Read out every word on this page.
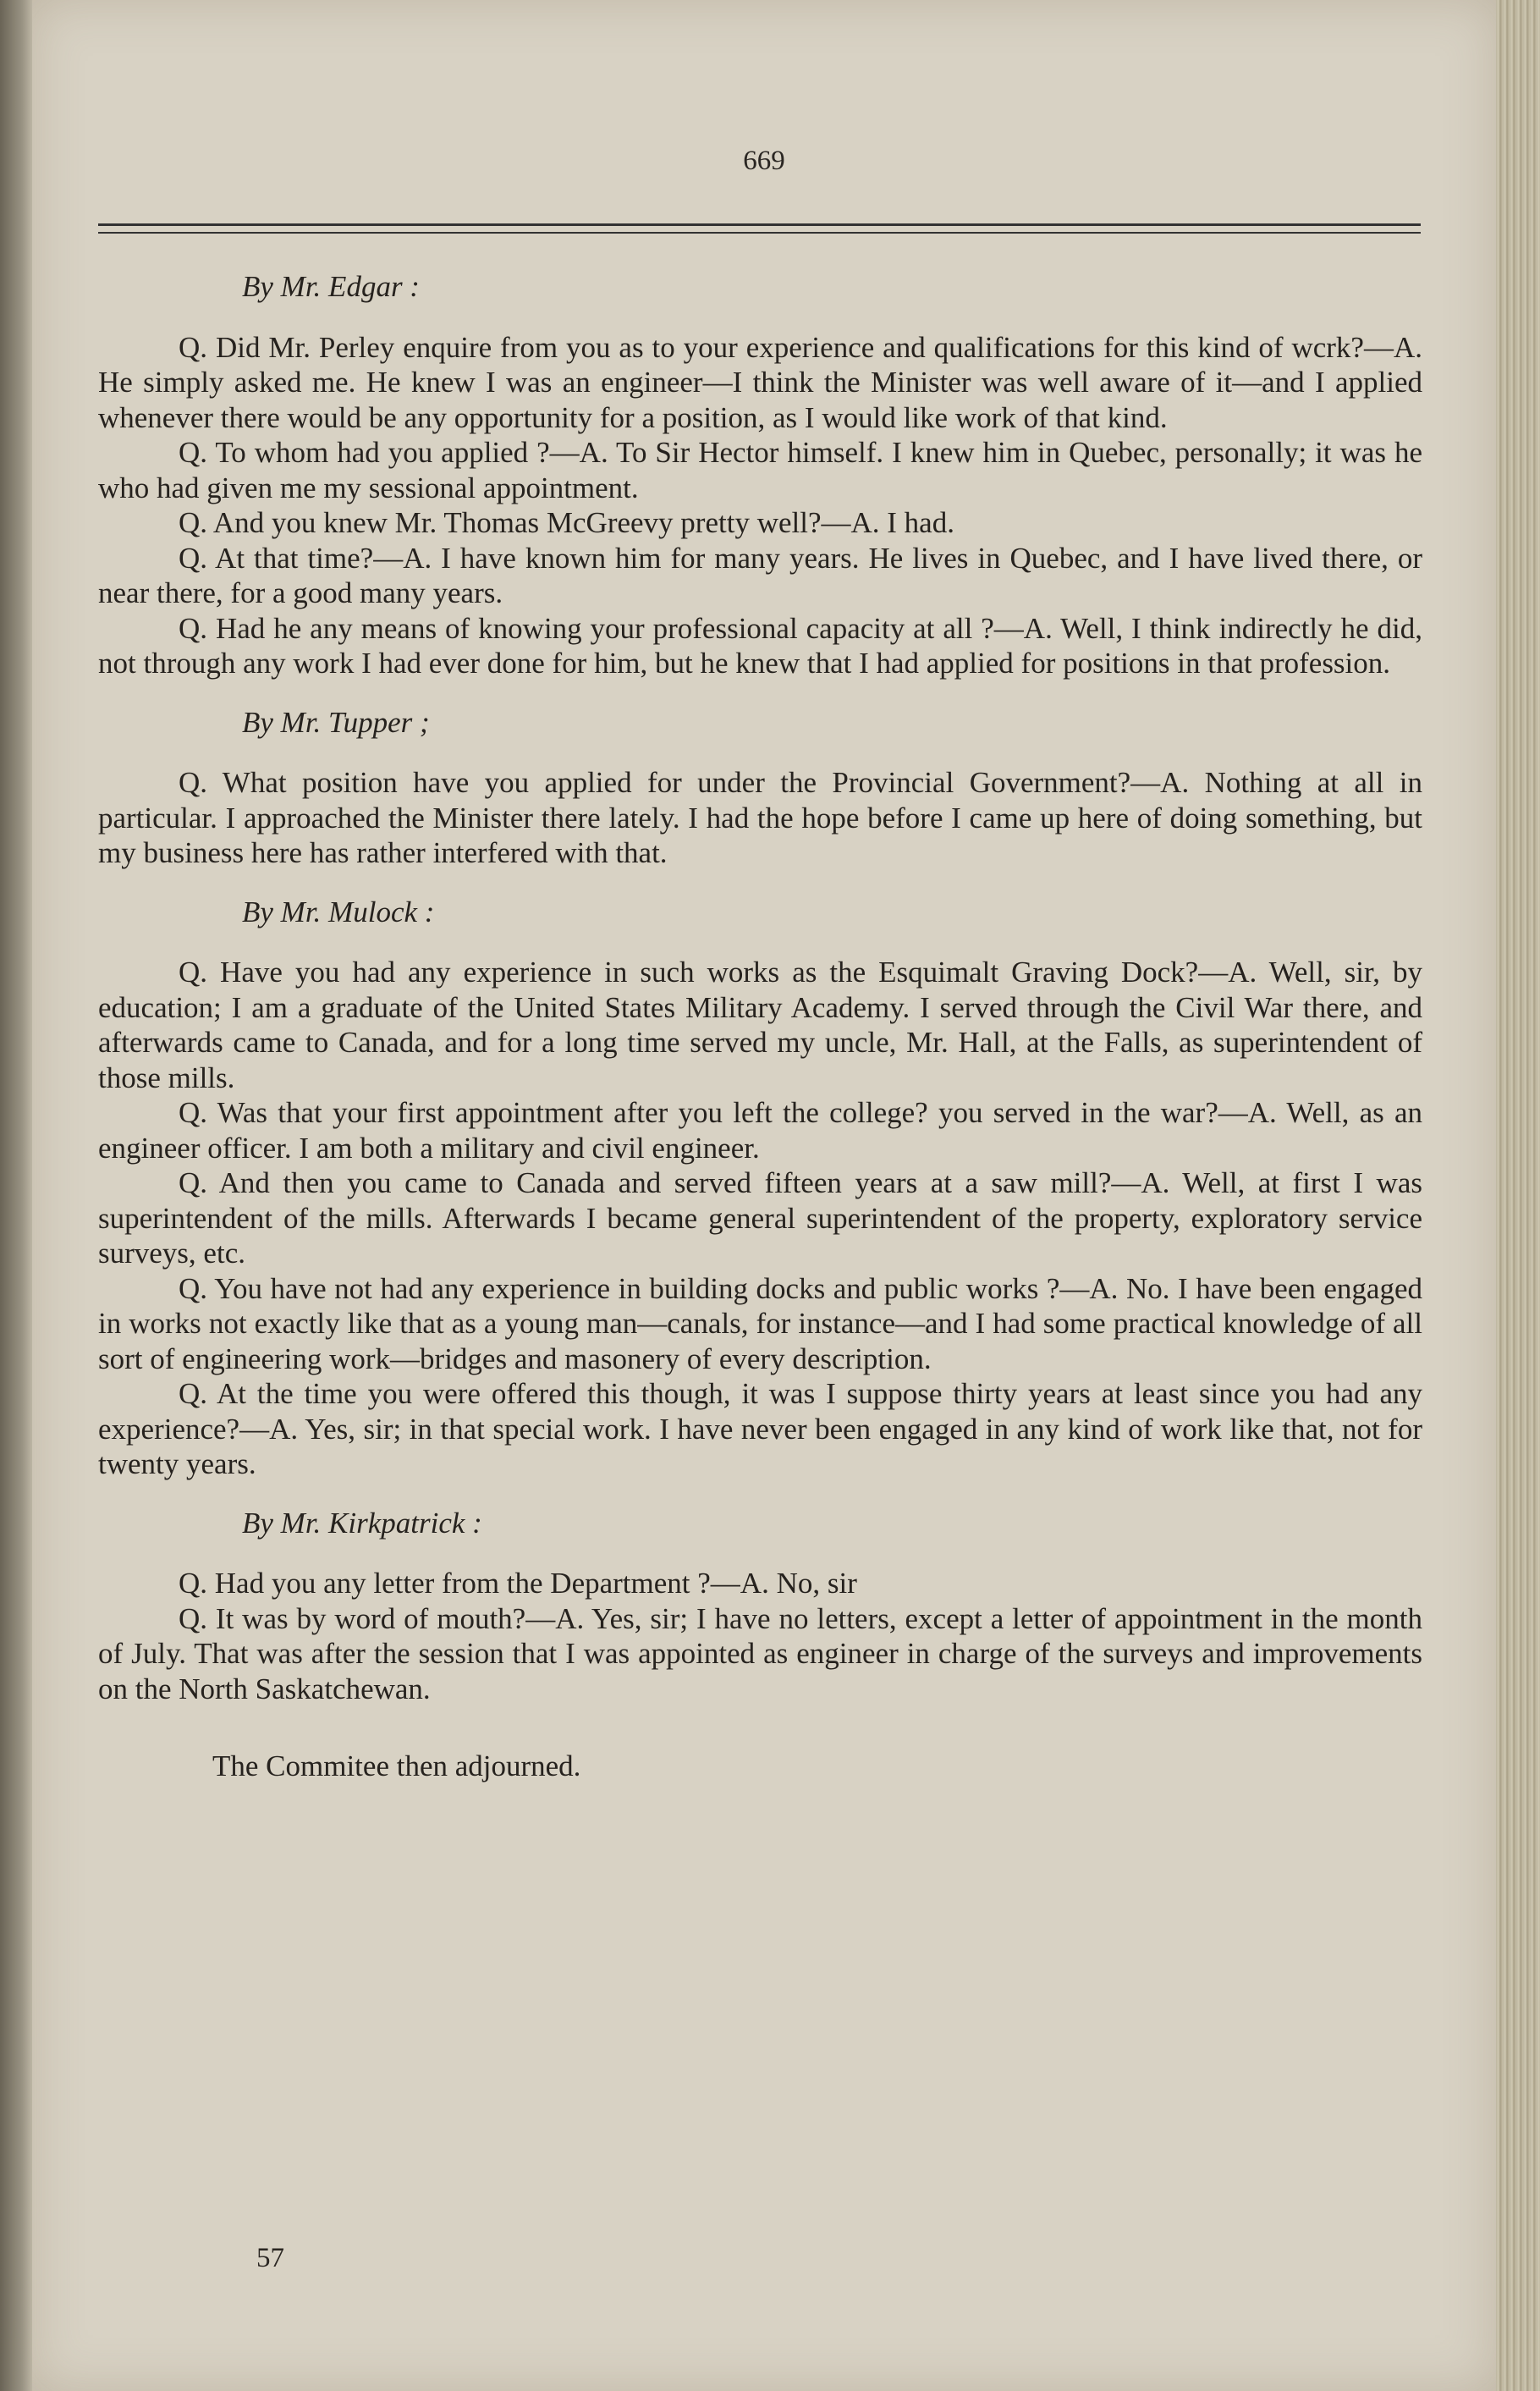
669
By Mr. Edgar :

Q. Did Mr. Perley enquire from you as to your experience and qualifications for this kind of wcrk?—A. He simply asked me. He knew I was an engineer—I think the Minister was well aware of it—and I applied whenever there would be any opportunity for a position, as I would like work of that kind.

Q. To whom had you applied ?—A. To Sir Hector himself. I knew him in Quebec, personally; it was he who had given me my sessional appointment.

Q. And you knew Mr. Thomas McGreevy pretty well?—A. I had.

Q. At that time?—A. I have known him for many years. He lives in Quebec, and I have lived there, or near there, for a good many years.

Q. Had he any means of knowing your professional capacity at all ?—A. Well, I think indirectly he did, not through any work I had ever done for him, but he knew that I had applied for positions in that profession.

By Mr. Tupper ;

Q. What position have you applied for under the Provincial Government?—A. Nothing at all in particular. I approached the Minister there lately. I had the hope before I came up here of doing something, but my business here has rather interfered with that.

By Mr. Mulock :

Q. Have you had any experience in such works as the Esquimalt Graving Dock?—A. Well, sir, by education; I am a graduate of the United States Military Academy. I served through the Civil War there, and afterwards came to Canada, and for a long time served my uncle, Mr. Hall, at the Falls, as superintendent of those mills.

Q. Was that your first appointment after you left the college? you served in the war?—A. Well, as an engineer officer. I am both a military and civil engineer.

Q. And then you came to Canada and served fifteen years at a saw mill?—A. Well, at first I was superintendent of the mills. Afterwards I became general superintendent of the property, exploratory service surveys, etc.

Q. You have not had any experience in building docks and public works ?—A. No. I have been engaged in works not exactly like that as a young man—canals, for instance—and I had some practical knowledge of all sort of engineering work—bridges and masonery of every description.

Q. At the time you were offered this though, it was I suppose thirty years at least since you had any experience?—A. Yes, sir; in that special work. I have never been engaged in any kind of work like that, not for twenty years.

By Mr. Kirkpatrick :

Q. Had you any letter from the Department ?—A. No, sir

Q. It was by word of mouth?—A. Yes, sir; I have no letters, except a letter of appointment in the month of July. That was after the session that I was appointed as engineer in charge of the surveys and improvements on the North Saskatchewan.

The Commitee then adjourned.

57
